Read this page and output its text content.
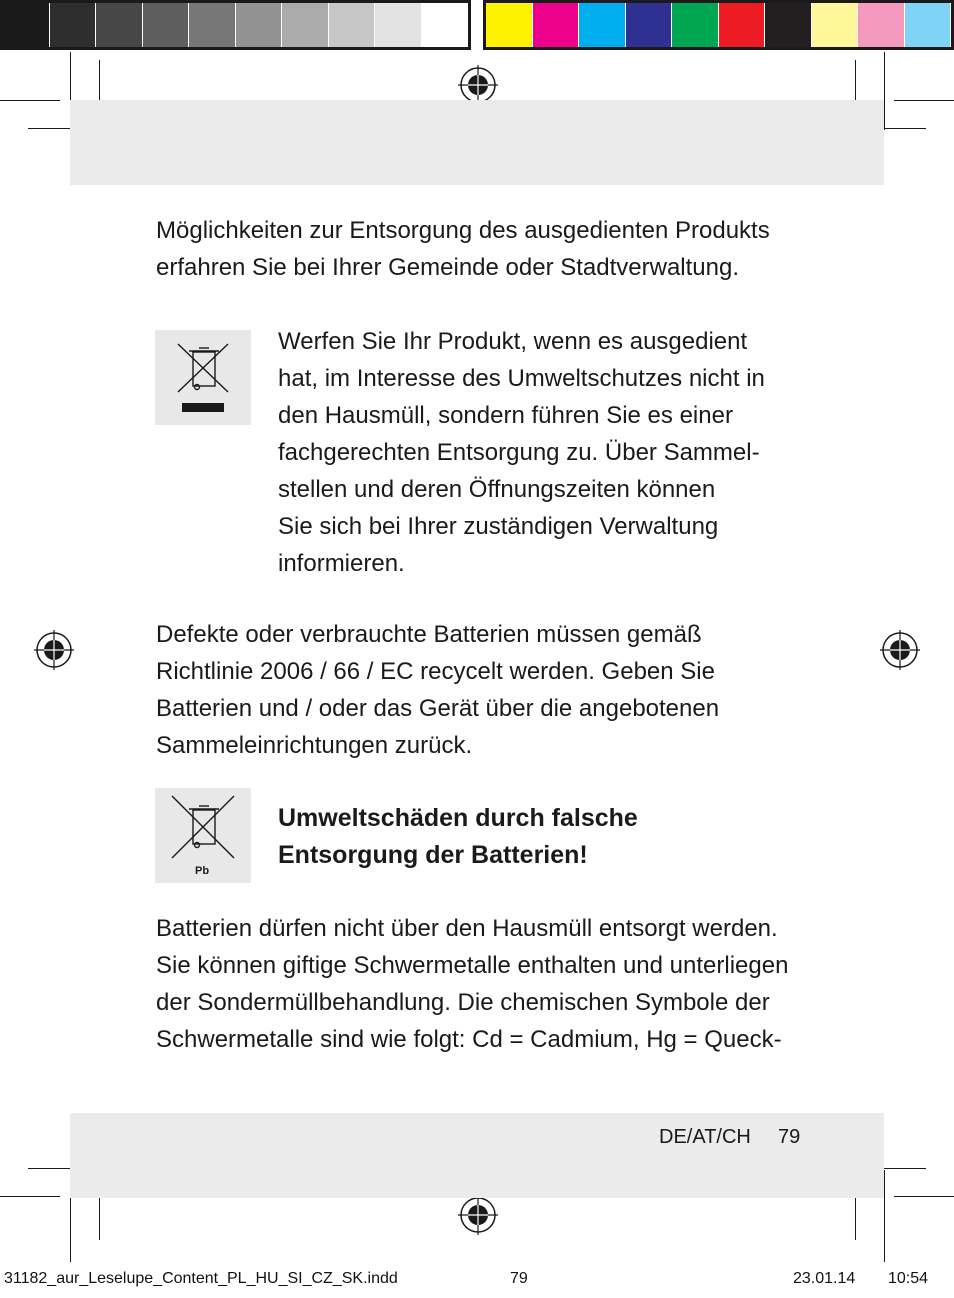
Möglichkeiten zur Entsorgung des ausgedienten Produkts
erfahren Sie bei Ihrer Gemeinde oder Stadtverwaltung.
Werfen Sie Ihr Produkt, wenn es ausgedient
hat, im Interesse des Umweltschutzes nicht in
den Hausmüll, sondern führen Sie es einer
fachgerechten Entsorgung zu. Über Sammel-
stellen und deren Öffnungszeiten können
Sie sich bei Ihrer zuständigen Verwaltung
informieren.
Defekte oder verbrauchte Batterien müssen gemäß
Richtlinie 2006 / 66 / EC recycelt werden. Geben Sie
Batterien und / oder das Gerät über die angebotenen
Sammeleinrichtungen zurück.
Pb
Umweltschäden durch falsche
Entsorgung der Batterien!
Batterien dürfen nicht über den Hausmüll entsorgt werden.
Sie können giftige Schwermetalle enthalten und unterliegen
der Sondermüllbehandlung. Die chemischen Symbole der
Schwermetalle sind wie folgt: Cd = Cadmium, Hg = Queck-
DE/AT/CH 79
31182_aur_Leselupe_Content_PL_HU_SI_CZ_SK.indd	79	23.01.14 10:54
